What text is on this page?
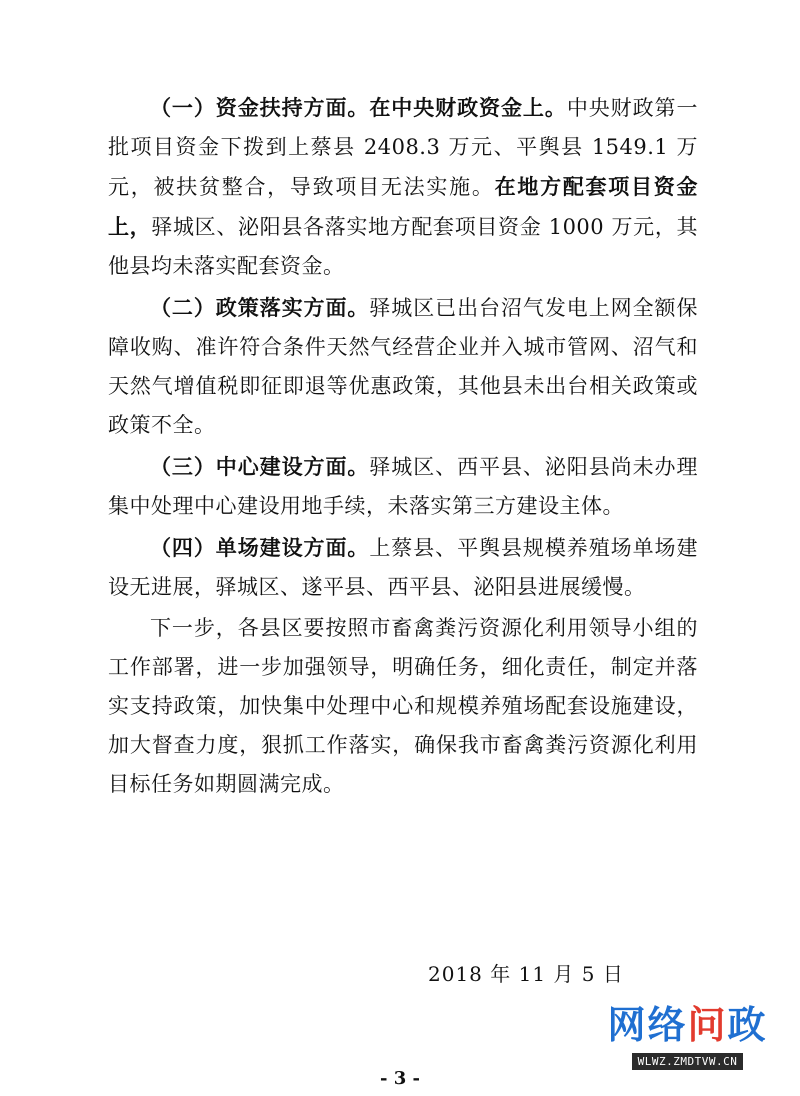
（一）资金扶持方面。在中央财政资金上。中央财政第一批项目资金下拨到上蔡县 2408.3 万元、平舆县 1549.1 万元，被扶贫整合，导致项目无法实施。在地方配套项目资金上，驿城区、泌阳县各落实地方配套项目资金 1000 万元，其他县均未落实配套资金。

（二）政策落实方面。驿城区已出台沼气发电上网全额保障收购、准许符合条件天然气经营企业并入城市管网、沼气和天然气增值税即征即退等优惠政策，其他县未出台相关政策或政策不全。

（三）中心建设方面。驿城区、西平县、泌阳县尚未办理集中处理中心建设用地手续，未落实第三方建设主体。

（四）单场建设方面。上蔡县、平舆县规模养殖场单场建设无进展，驿城区、遂平县、西平县、泌阳县进展缓慢。

下一步，各县区要按照市畜禽粪污资源化利用领导小组的工作部署，进一步加强领导，明确任务，细化责任，制定并落实支持政策，加快集中处理中心和规模养殖场配套设施建设，加大督查力度，狠抓工作落实，确保我市畜禽粪污资源化利用目标任务如期圆满完成。

2018 年 11 月 5 日
网络问政
WLWZ.ZMDTVW.CN
- 3 -
